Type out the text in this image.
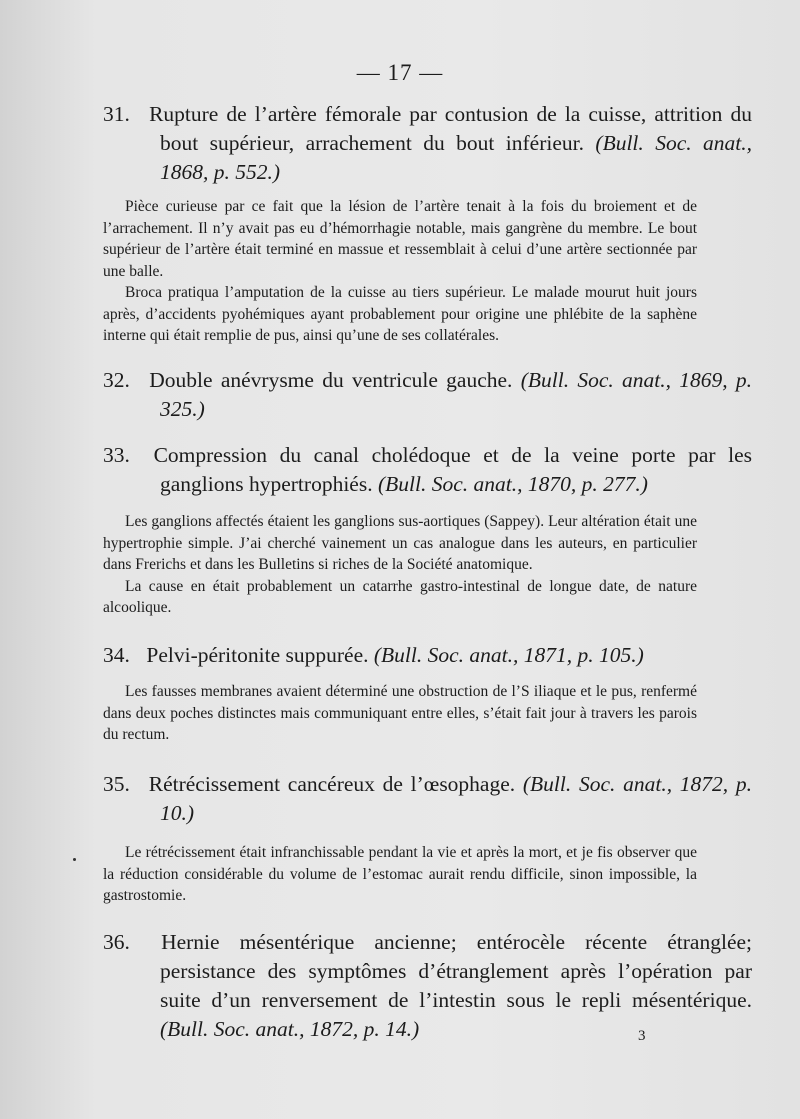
— 17 —
31. Rupture de l’artère fémorale par contusion de la cuisse, attrition du bout supérieur, arrachement du bout inférieur. (Bull. Soc. anat., 1868, p. 552.)

Pièce curieuse par ce fait que la lésion de l’artère tenait à la fois du broiement et de l’arrachement. Il n’y avait pas eu d’hémorrhagie notable, mais gangrène du membre. Le bout supérieur de l’artère était terminé en massue et ressemblait à celui d’une artère sectionnée par une balle.

Broca pratiqua l’amputation de la cuisse au tiers supérieur. Le malade mourut huit jours après, d’accidents pyohémiques ayant probablement pour origine une phlébite de la saphène interne qui était remplie de pus, ainsi qu’une de ses collatérales.

32. Double anévrysme du ventricule gauche. (Bull. Soc. anat., 1869, p. 325.)
33. Compression du canal cholédoque et de la veine porte par les ganglions hypertrophiés. (Bull. Soc. anat., 1870, p. 277.)

Les ganglions affectés étaient les ganglions sus-aortiques (Sappey). Leur altération était une hypertrophie simple. J’ai cherché vainement un cas analogue dans les auteurs, en particulier dans Frerichs et dans les Bulletins si riches de la Société anatomique.

La cause en était probablement un catarrhe gastro-intestinal de longue date, de nature alcoolique.

34. Pelvi-péritonite suppurée. (Bull. Soc. anat., 1871, p. 105.)

Les fausses membranes avaient déterminé une obstruction de l’S iliaque et le pus, renfermé dans deux poches distinctes mais communiquant entre elles, s’était fait jour à travers les parois du rectum.

35. Rétrécissement cancéreux de l’œsophage. (Bull. Soc. anat., 1872, p. 10.)

Le rétrécissement était infranchissable pendant la vie et après la mort, et je fis observer que la réduction considérable du volume de l’estomac aurait rendu difficile, sinon impossible, la gastrostomie.

36. Hernie mésentérique ancienne; entérocèle récente étranglée; persistance des symptômes d’étranglement après l’opération par suite d’un renversement de l’intestin sous le repli mésentérique. (Bull. Soc. anat., 1872, p. 14.)	3
